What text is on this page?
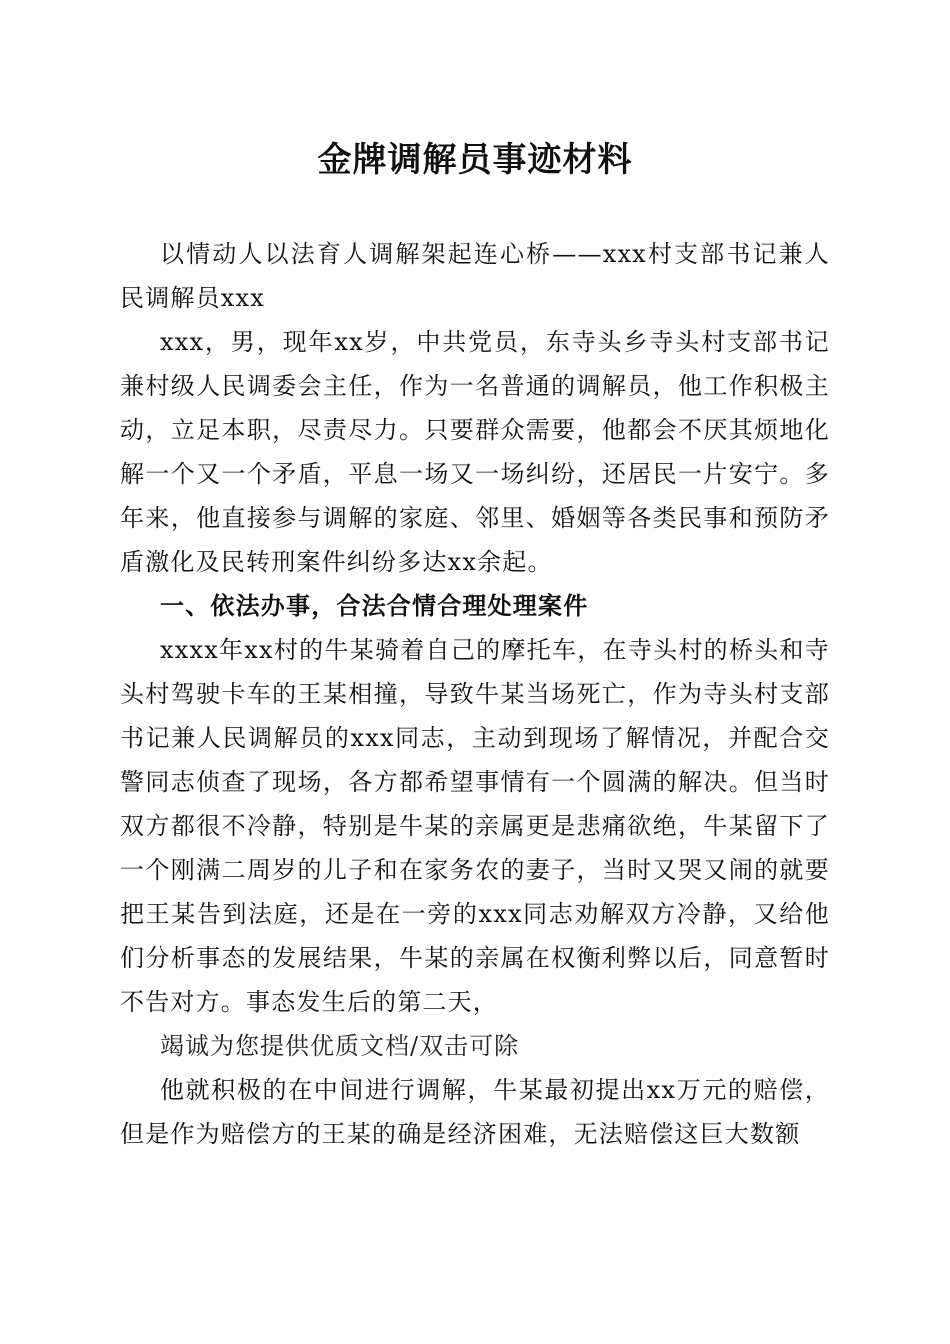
金牌调解员事迹材料

以情动人以法育人调解架起连心桥——xxx村支部书记兼人民调解员xxx

xxx，男，现年xx岁，中共党员，东寺头乡寺头村支部书记兼村级人民调委会主任，作为一名普通的调解员，他工作积极主动，立足本职，尽责尽力。只要群众需要，他都会不厌其烦地化解一个又一个矛盾，平息一场又一场纠纷，还居民一片安宁。多年来，他直接参与调解的家庭、邻里、婚姻等各类民事和预防矛盾激化及民转刑案件纠纷多达xx余起。

一、依法办事，合法合情合理处理案件

xxxx年xx村的牛某骑着自己的摩托车，在寺头村的桥头和寺头村驾驶卡车的王某相撞，导致牛某当场死亡，作为寺头村支部书记兼人民调解员的xxx同志，主动到现场了解情况，并配合交警同志侦查了现场，各方都希望事情有一个圆满的解决。但当时双方都很不冷静，特别是牛某的亲属更是悲痛欲绝，牛某留下了一个刚满二周岁的儿子和在家务农的妻子，当时又哭又闹的就要把王某告到法庭，还是在一旁的xxx同志劝解双方冷静，又给他们分析事态的发展结果，牛某的亲属在权衡利弊以后，同意暂时不告对方。事态发生后的第二天，

竭诚为您提供优质文档/双击可除

他就积极的在中间进行调解，牛某最初提出xx万元的赔偿，但是作为赔偿方的王某的确是经济困难，无法赔偿这巨大数额
